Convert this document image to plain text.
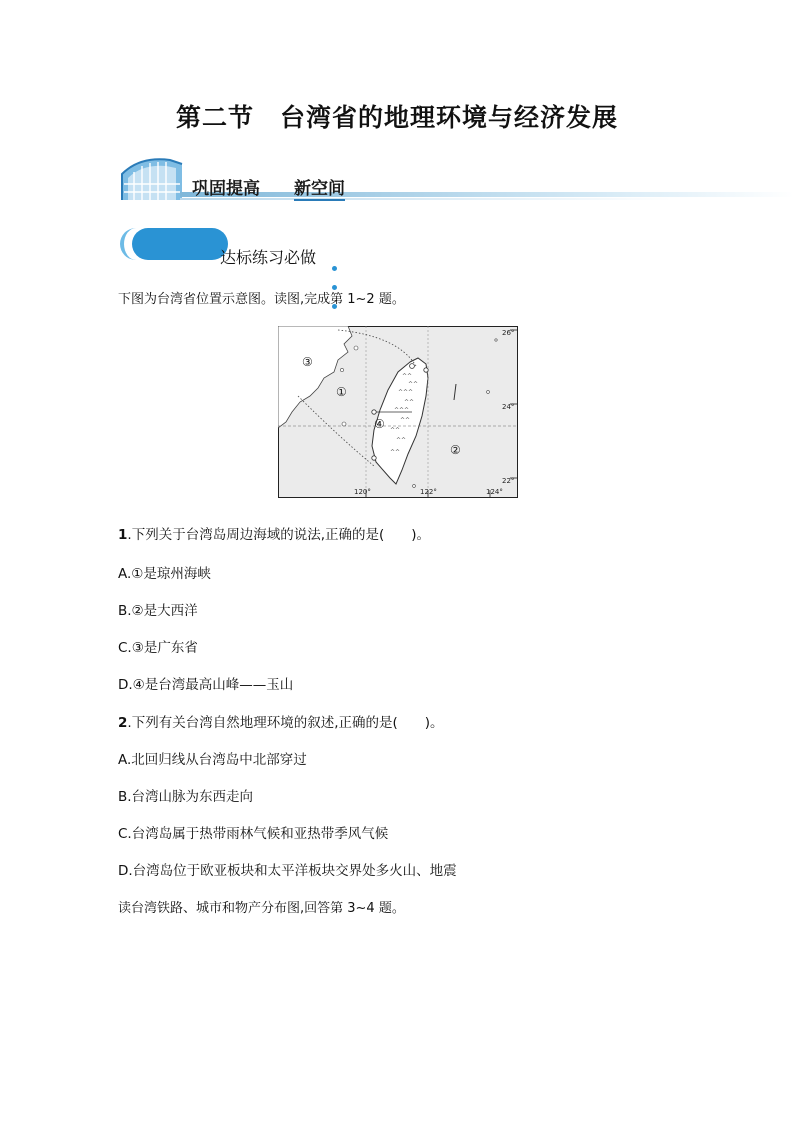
第二节 台湾省的地理环境与经济发展
巩固提高 新空间
达标练习必做
下图为台湾省位置示意图。读图,完成第 1~2 题。
^^
^^
^^^
^^
^^^
^^
^^
^^
^^
26°
24°
22°
120°	122°	124°
③
①
④
②
1.下列关于台湾岛周边海域的说法,正确的是(　　)。
A.①是琼州海峡
B.②是大西洋
C.③是广东省
D.④是台湾最高山峰——玉山
2.下列有关台湾自然地理环境的叙述,正确的是(　　)。
A.北回归线从台湾岛中北部穿过
B.台湾山脉为东西走向
C.台湾岛属于热带雨林气候和亚热带季风气候
D.台湾岛位于欧亚板块和太平洋板块交界处多火山、地震
读台湾铁路、城市和物产分布图,回答第 3~4 题。
